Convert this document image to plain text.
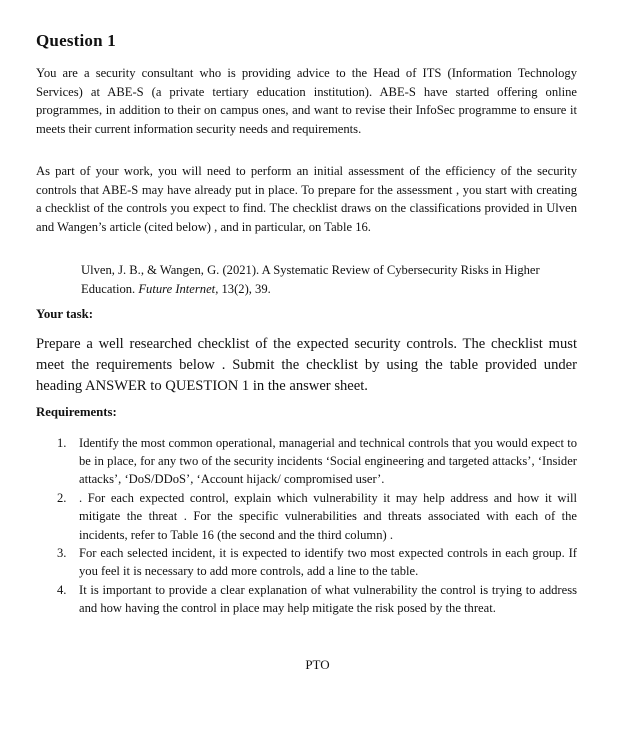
Question 1

You are a security consultant who is providing advice to the Head of ITS (Information Technology Services) at ABE-S (a private tertiary education institution). ABE-S have started offering online programmes, in addition to their on campus ones, and want to revise their InfoSec programme to ensure it meets their current information security needs and requirements.

As part of your work, you will need to perform an initial assessment of the efficiency of the security controls that ABE-S may have already put in place. To prepare for the assessment , you start with creating a checklist of the controls you expect to find. The checklist draws on the classifications provided in Ulven and Wangen’s article (cited below) , and in particular, on Table 16.

Ulven, J. B., & Wangen, G. (2021). A Systematic Review of Cybersecurity Risks in Higher Education. Future Internet, 13(2), 39.

Your task:

Prepare a well researched checklist of the expected security controls. The checklist must meet the requirements below . Submit the checklist by using the table provided under heading ANSWER to QUESTION 1 in the answer sheet.

Requirements:
1. Identify the most common operational, managerial and technical controls that you would expect to be in place, for any two of the security incidents ‘Social engineering and targeted attacks’, ‘Insider attacks’, ‘DoS/DDoS’, ‘Account hijack/ compromised user’.
2. . For each expected control, explain which vulnerability it may help address and how it will mitigate the threat . For the specific vulnerabilities and threats associated with each of the incidents, refer to Table 16 (the second and the third column) .
3. For each selected incident, it is expected to identify two most expected controls in each group. If you feel it is necessary to add more controls, add a line to the table.
4. It is important to provide a clear explanation of what vulnerability the control is trying to address and how having the control in place may help mitigate the risk posed by the threat.
PTO
